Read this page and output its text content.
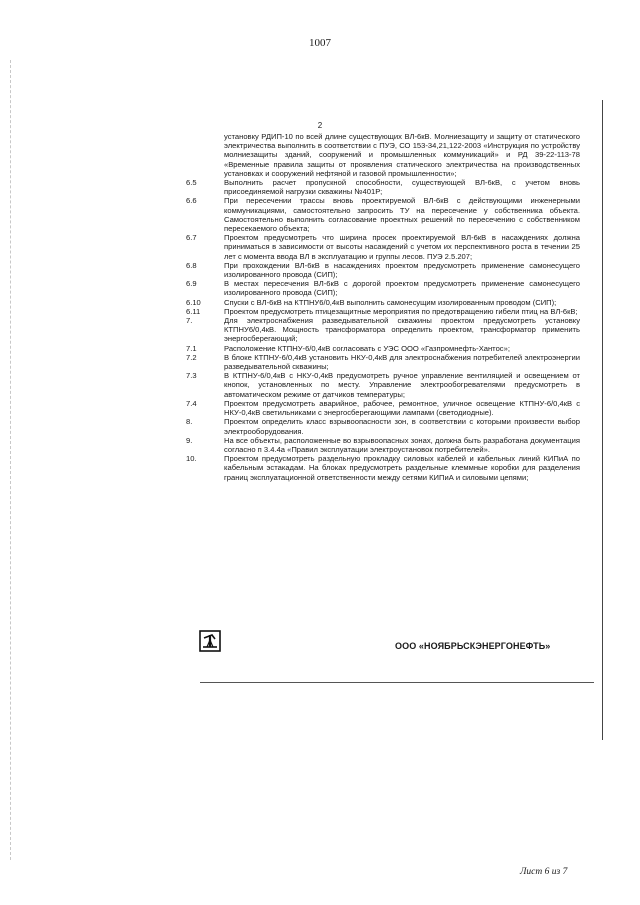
1007
2
установку РДИП-10 по всей длине существующих ВЛ-6кВ. Молниезащиту и защиту от статического электричества выполнить в соответствии с ПУЭ, СО 153-34,21,122-2003 «Инструкция по устройству молниезащиты зданий, сооружений и промышленных коммуникаций» и РД 39-22-113-78 «Временные правила защиты от проявления статического электричества на производственных установках и сооружений нефтяной и газовой промышленности»;
6.5	Выполнить расчет пропускной способности, существующей ВЛ-6кВ, с учетом вновь присоединяемой нагрузки скважины №401Р;
6.6	При пересечении трассы вновь проектируемой ВЛ-6кВ с действующими инженерными коммуникациями, самостоятельно запросить ТУ на пересечение у собственника объекта. Самостоятельно выполнить согласование проектных решений по пересечению с собственником пересекаемого объекта;
6.7	Проектом предусмотреть что ширина просек проектируемой ВЛ-6кВ в насаждениях должна приниматься в зависимости от высоты насаждений с учетом их перспективного роста в течении 25 лет с момента ввода ВЛ в эксплуатацию и группы лесов. ПУЭ 2.5.207;
6.8	При прохождении ВЛ-6кВ в насаждениях проектом предусмотреть применение самонесущего изолированного провода (СИП);
6.9	В местах пересечения ВЛ-6кВ с дорогой проектом предусмотреть применение самонесущего изолированного провода (СИП);
6.10	Спуски с ВЛ-6кВ на КТПНУ6/0,4кВ выполнить самонесущим изолированным проводом (СИП);
6.11	Проектом предусмотреть птицезащитные мероприятия по предотвращению гибели птиц на ВЛ-6кВ;
7.	Для электроснабжения разведывательной скважины проектом предусмотреть установку КТПНУ6/0,4кВ. Мощность трансформатора определить проектом, трансформатор применить энергосберегающий;
7.1	Расположение КТПНУ-6/0,4кВ согласовать с УЭС ООО «Газпромнефть-Хантос»;
7.2	В блоке КТПНУ-6/0,4кВ установить НКУ-0,4кВ для электроснабжения потребителей электроэнергии разведывательной скважины;
7.3	В КТПНУ-6/0,4кВ с НКУ-0,4кВ предусмотреть ручное управление вентиляцией и освещением от кнопок, установленных по месту. Управление электрообогревателями предусмотреть в автоматическом режиме от датчиков температуры;
7.4	Проектом предусмотреть аварийное, рабочее, ремонтное, уличное освещение КТПНУ-6/0,4кВ с НКУ-0,4кВ светильниками с энергосберегающими лампами (светодиодные).
8.	Проектом определить класс взрывоопасности зон, в соответствии с которыми произвести выбор электрооборудования.
9.	На все объекты, расположенные во взрывоопасных зонах, должна быть разработана документация согласно п 3.4.4а «Правил эксплуатации электроустановок потребителей».
10.	Проектом предусмотреть раздельную прокладку силовых кабелей и кабельных линий КИПиА по кабельным эстакадам. На блоках предусмотреть раздельные клеммные коробки для разделения границ эксплуатационной ответственности между сетями КИПиА и силовыми цепями;
ООО «НОЯБРЬСКЭНЕРГОНЕФТЬ»
Лист 6 из 7
